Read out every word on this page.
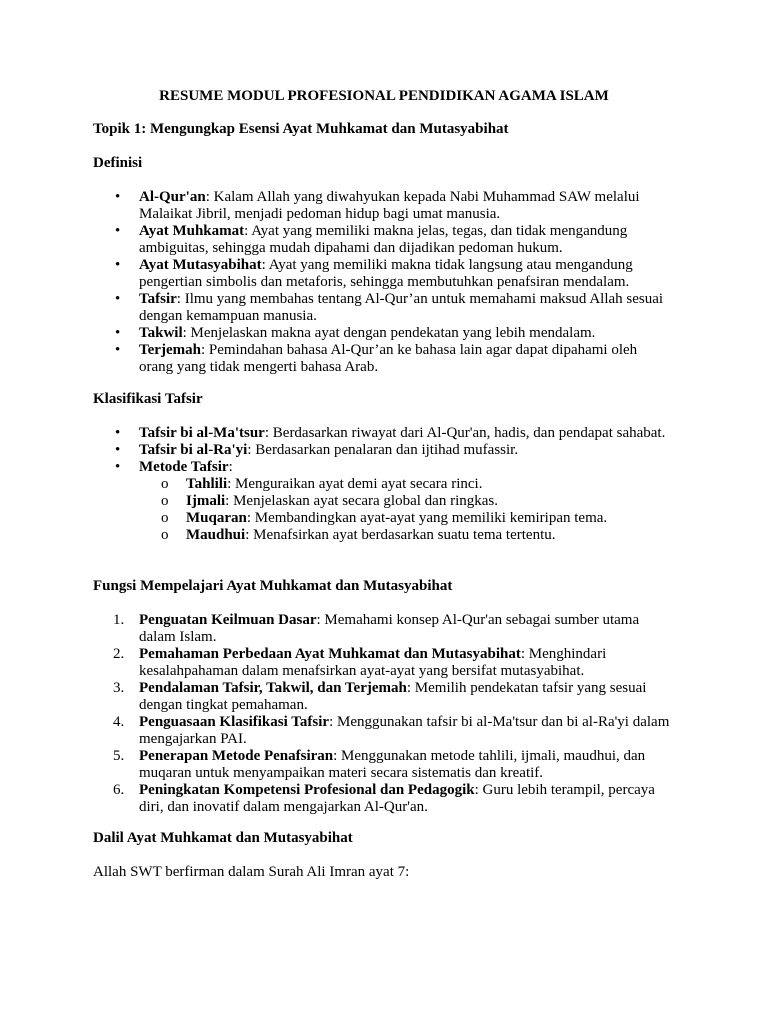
RESUME MODUL PROFESIONAL PENDIDIKAN AGAMA ISLAM
Topik 1: Mengungkap Esensi Ayat Muhkamat dan Mutasyabihat
Definisi
• Al-Qur'an: Kalam Allah yang diwahyukan kepada Nabi Muhammad SAW melalui Malaikat Jibril, menjadi pedoman hidup bagi umat manusia.
• Ayat Muhkamat: Ayat yang memiliki makna jelas, tegas, dan tidak mengandung ambiguitas, sehingga mudah dipahami dan dijadikan pedoman hukum.
• Ayat Mutasyabihat: Ayat yang memiliki makna tidak langsung atau mengandung pengertian simbolis dan metaforis, sehingga membutuhkan penafsiran mendalam.
• Tafsir: Ilmu yang membahas tentang Al-Qur’an untuk memahami maksud Allah sesuai dengan kemampuan manusia.
• Takwil: Menjelaskan makna ayat dengan pendekatan yang lebih mendalam.
• Terjemah: Pemindahan bahasa Al-Qur’an ke bahasa lain agar dapat dipahami oleh orang yang tidak mengerti bahasa Arab.
Klasifikasi Tafsir
• Tafsir bi al-Ma'tsur: Berdasarkan riwayat dari Al-Qur'an, hadis, dan pendapat sahabat.
• Tafsir bi al-Ra'yi: Berdasarkan penalaran dan ijtihad mufassir.
• Metode Tafsir:
o Tahlili: Menguraikan ayat demi ayat secara rinci.
o Ijmali: Menjelaskan ayat secara global dan ringkas.
o Muqaran: Membandingkan ayat-ayat yang memiliki kemiripan tema.
o Maudhui: Menafsirkan ayat berdasarkan suatu tema tertentu.
Fungsi Mempelajari Ayat Muhkamat dan Mutasyabihat
1. Penguatan Keilmuan Dasar: Memahami konsep Al-Qur'an sebagai sumber utama dalam Islam.
2. Pemahaman Perbedaan Ayat Muhkamat dan Mutasyabihat: Menghindari kesalahpahaman dalam menafsirkan ayat-ayat yang bersifat mutasyabihat.
3. Pendalaman Tafsir, Takwil, dan Terjemah: Memilih pendekatan tafsir yang sesuai dengan tingkat pemahaman.
4. Penguasaan Klasifikasi Tafsir: Menggunakan tafsir bi al-Ma'tsur dan bi al-Ra'yi dalam mengajarkan PAI.
5. Penerapan Metode Penafsiran: Menggunakan metode tahlili, ijmali, maudhui, dan muqaran untuk menyampaikan materi secara sistematis dan kreatif.
6. Peningkatan Kompetensi Profesional dan Pedagogik: Guru lebih terampil, percaya diri, dan inovatif dalam mengajarkan Al-Qur'an.
Dalil Ayat Muhkamat dan Mutasyabihat
Allah SWT berfirman dalam Surah Ali Imran ayat 7:
